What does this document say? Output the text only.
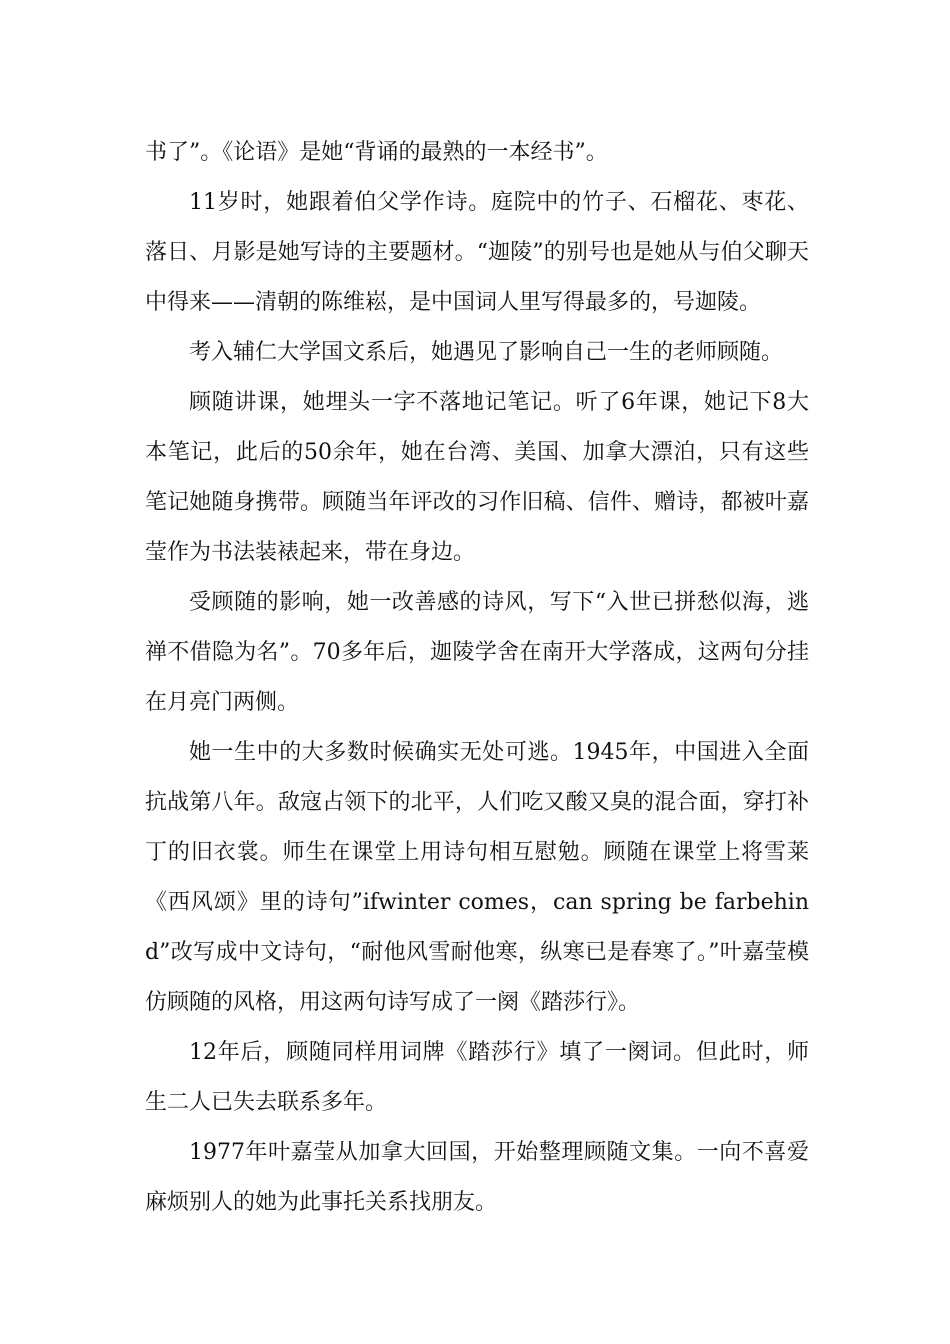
书了”。《论语》是她“背诵的最熟的一本经书”。

11岁时，她跟着伯父学作诗。庭院中的竹子、石榴花、枣花、落日、月影是她写诗的主要题材。“迦陵”的别号也是她从与伯父聊天中得来——清朝的陈维崧，是中国词人里写得最多的，号迦陵。

考入辅仁大学国文系后，她遇见了影响自己一生的老师顾随。

顾随讲课，她埋头一字不落地记笔记。听了6年课，她记下8大本笔记，此后的50余年，她在台湾、美国、加拿大漂泊，只有这些笔记她随身携带。顾随当年评改的习作旧稿、信件、赠诗，都被叶嘉莹作为书法装裱起来，带在身边。

受顾随的影响，她一改善感的诗风，写下“入世已拼愁似海，逃禅不借隐为名”。70多年后，迦陵学舍在南开大学落成，这两句分挂在月亮门两侧。

她一生中的大多数时候确实无处可逃。1945年，中国进入全面抗战第八年。敌寇占领下的北平，人们吃又酸又臭的混合面，穿打补丁的旧衣裳。师生在课堂上用诗句相互慰勉。顾随在课堂上将雪莱《西风颂》里的诗句”ifwinter comes，can spring be farbehind”改写成中文诗句，“耐他风雪耐他寒，纵寒已是春寒了。”叶嘉莹模仿顾随的风格，用这两句诗写成了一阕《踏莎行》。

12年后，顾随同样用词牌《踏莎行》填了一阕词。但此时，师生二人已失去联系多年。

1977年叶嘉莹从加拿大回国，开始整理顾随文集。一向不喜爱麻烦别人的她为此事托关系找朋友。
